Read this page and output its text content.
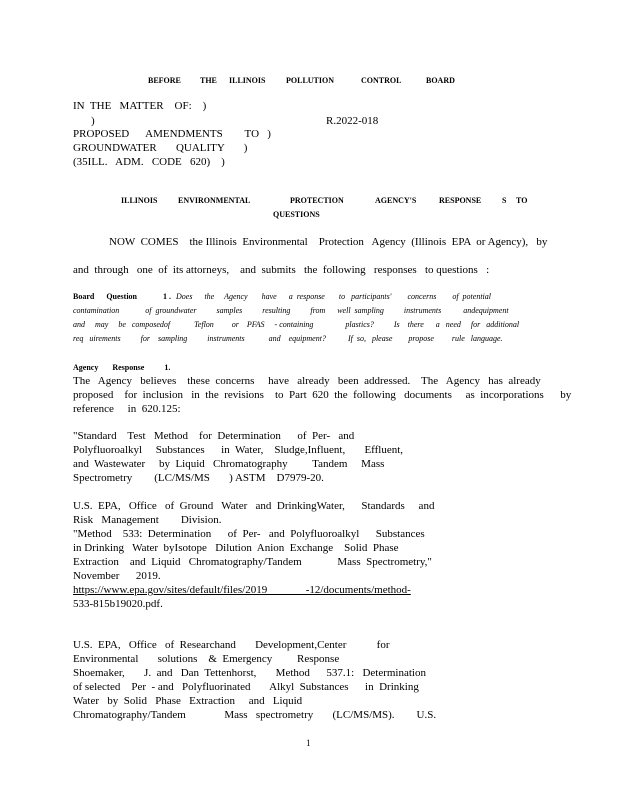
BEFORE THE ILLINOIS	POLLUTION	CONTROL	BOARD
IN  THE   MATTER    OF:    )
)	R.2022-018
PROPOSED      AMENDMENTS        TO   )
GROUNDWATER       QUALITY       )
(35ILL.   ADM.   CODE   620)    )
ILLINOIS	ENVIRONMENTAL	PROTECTION	AGENCY'S	RESPONSE	S TO
QUESTIONS
NOW  COMES    the Illinois  Environmental    Protection   Agency  (Illinois  EPA  or Agency),   by
and  through   one  of  its attorneys,    and  submits   the  following   responses   to questions   :
Board      Question	1 . Does      the     Agency       have      a  response       to   participants'        concerns        of  potential
contamination             of  groundwater          samples          resulting          from      well  sampling          instruments           andequipment
and     may     be   composedof            Teflon         or    PFAS     - containing                plastics?          Is    there      a   need     for   additional
req   uirements          for    sampling          instruments            and    equipment?           If  so,   please        propose         rule   language.
Agency       Response          1.
The   Agency   believes    these  concerns     have   already   been  addressed.    The   Agency   has  already
proposed    for  inclusion   in  the  revisions    to  Part  620  the  following   documents     as  incorporations      by
reference     in  620.125:
"Standard    Test   Method    for  Determination      of  Per-   and
Polyfluoroalkyl     Substances      in  Water,    Sludge,Influent,       Effluent,
and  Wastewater     by  Liquid   Chromatography         Tandem     Mass
Spectrometry        (LC/MS/MS       ) ASTM    D7979-20.
U.S.  EPA,   Office   of  Ground   Water   and  DrinkingWater,      Standards     and
Risk   Management        Division.
"Method    533:  Determination      of  Per-   and  Polyfluoroalkyl      Substances
in Drinking   Water  byIsotope   Dilution  Anion  Exchange    Solid  Phase
Extraction    and  Liquid   Chromatography/Tandem             Mass  Spectrometry,"
November      2019.
https://www.epa.gov/sites/default/files/2019              -12/documents/method-
533-815b19020.pdf.
U.S.  EPA,   Office   of  Researchand       Development,Center           for
Environmental       solutions    &  Emergency         Response
Shoemaker,       J.  and   Dan  Tettenhorst,       Method      537.1:   Determination
of selected    Per  - and   Polyfluorinated       Alkyl  Substances      in  Drinking
Water   by  Solid   Phase   Extraction     and   Liquid
Chromatography/Tandem              Mass   spectrometry       (LC/MS/MS).        U.S.
1
